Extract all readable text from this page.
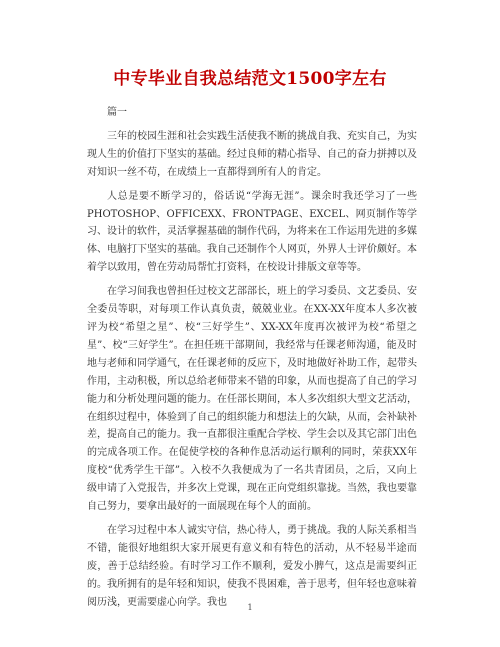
中专毕业自我总结范文1500字左右

篇一

三年的校园生涯和社会实践生活使我不断的挑战自我、充实自己，为实现人生的价值打下坚实的基础。经过良师的精心指导、自己的奋力拼搏以及对知识一丝不苟，在成绩上一直都得到所有人的肯定。

人总是要不断学习的，俗话说“学海无涯”。课余时我还学习了一些PHOTOSHOP、OFFICEXX、FRONTPAGE、EXCEL、网页制作等学习、设计的软件，灵活掌握基础的制作代码，为将来在工作运用先进的多媒体、电脑打下坚实的基础。我自己还制作个人网页，外界人士评价颇好。本着学以致用，曾在劳动局帮忙打资料，在校设计排版文章等等。

在学习间我也曾担任过校文艺部部长，班上的学习委员、文艺委员、安全委员等职，对每项工作认真负责，兢兢业业。在XX-XX年度本人多次被评为校“希望之星”、校“三好学生”、XX-XX年度再次被评为校“希望之星”、校“三好学生”。在担任班干部期间，我经常与任课老师沟通，能及时地与老师和同学通气，在任课老师的反应下，及时地做好补助工作，起带头作用，主动积极，所以总给老师带来不错的印象，从而也提高了自己的学习能力和分析处理问题的能力。在任部长期间，本人多次组织大型文艺活动，在组织过程中，体验到了自己的组织能力和想法上的欠缺，从而，会补缺补差，提高自己的能力。我一直都很注重配合学校、学生会以及其它部门出色的完成各项工作。在促使学校的各种作息活动运行顺利的同时，荣获XX年度校“优秀学生干部”。入校不久我便成为了一名共青团员，之后，又向上级申请了入党报告，并多次上党课，现在正向党组织靠拢。当然，我也要靠自己努力，要拿出最好的一面展现在每个人的面前。

在学习过程中本人诚实守信，热心待人，勇于挑战。我的人际关系相当不错，能很好地组织大家开展更有意义和有特色的活动，从不轻易半途而废，善于总结经验。有时学习工作不顺利，爱发小脾气，这点是需要纠正的。我所拥有的是年轻和知识，使我不畏困难，善于思考，但年轻也意味着阅历浅，更需要虚心向学。我也	1
